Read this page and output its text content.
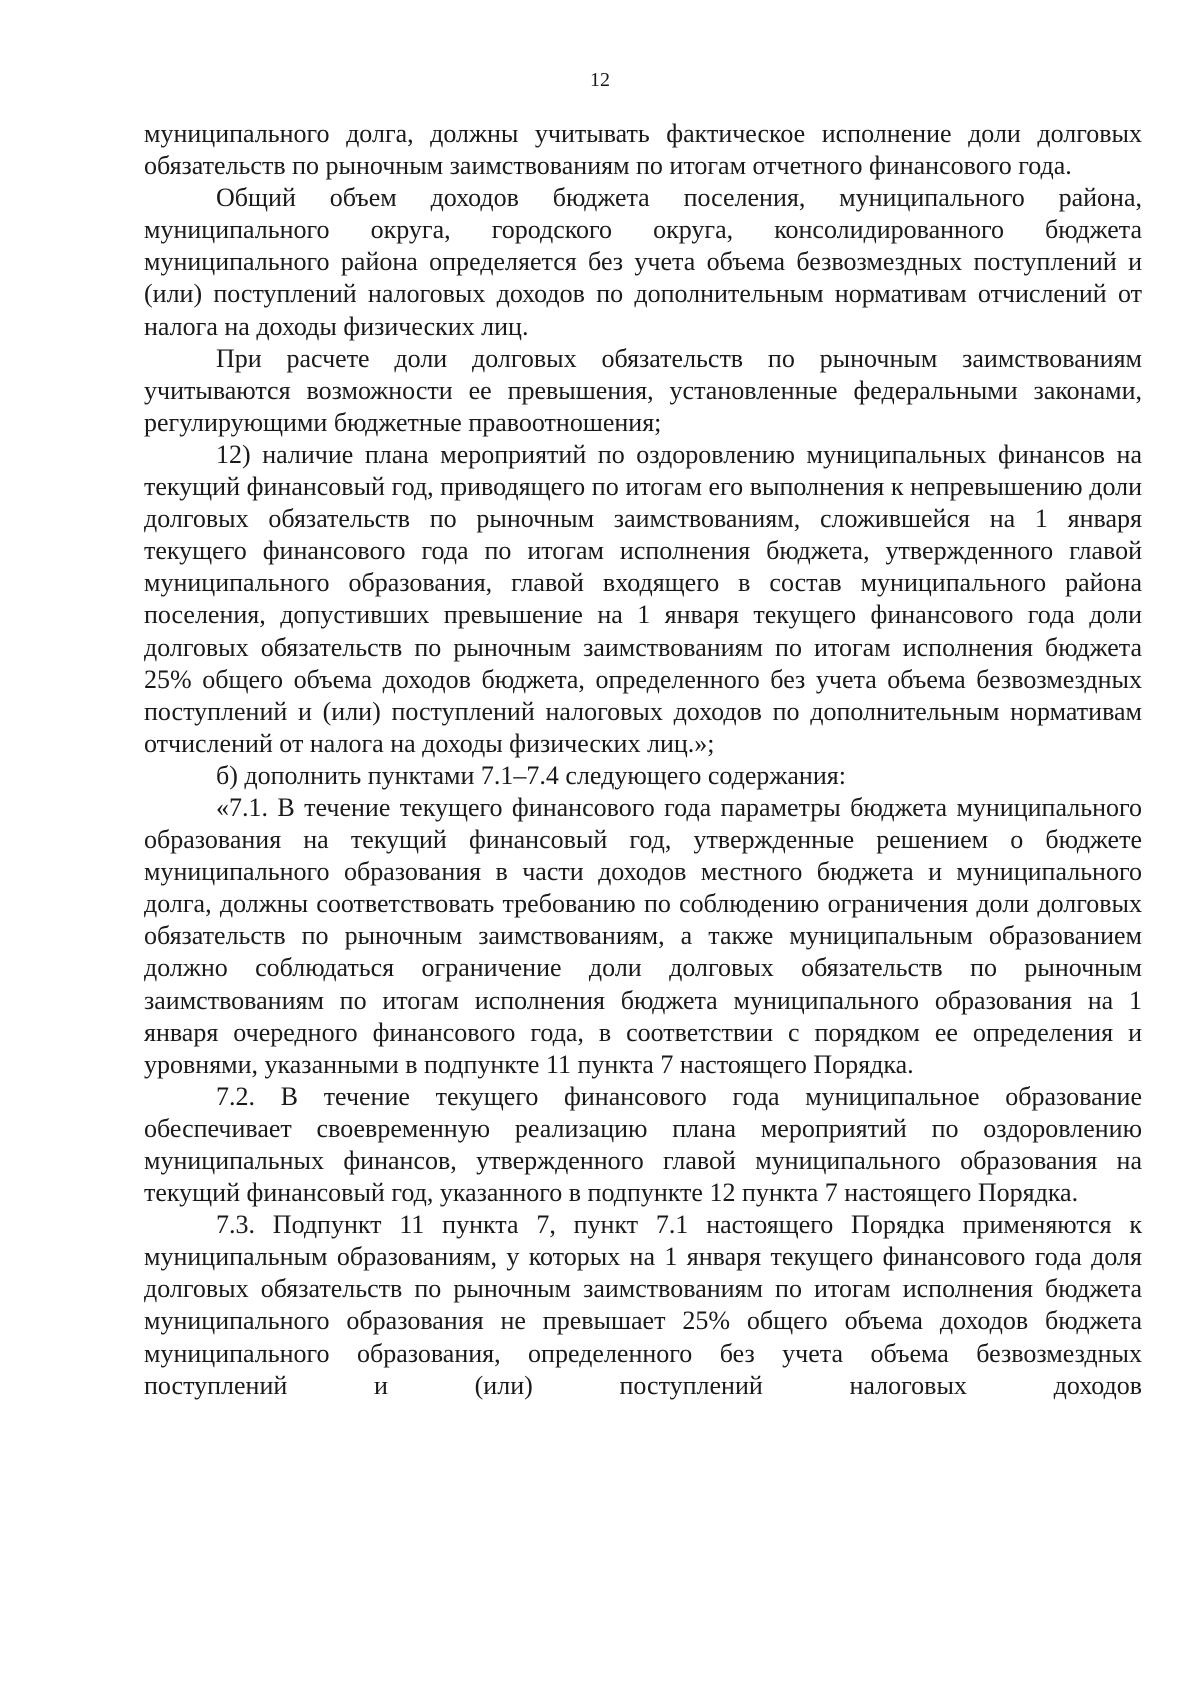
12

муниципального долга, должны учитывать фактическое исполнение доли долговых обязательств по рыночным заимствованиям по итогам отчетного финансового года.

Общий объем доходов бюджета поселения, муниципального района, муниципального округа, городского округа, консолидированного бюджета муниципального района определяется без учета объема безвозмездных поступлений и (или) поступлений налоговых доходов по дополнительным нормативам отчислений от налога на доходы физических лиц.

При расчете доли долговых обязательств по рыночным заимствованиям учитываются возможности ее превышения, установленные федеральными законами, регулирующими бюджетные правоотношения;

12) наличие плана мероприятий по оздоровлению муниципальных финансов на текущий финансовый год, приводящего по итогам его выполнения к непревышению доли долговых обязательств по рыночным заимствованиям, сложившейся на 1 января текущего финансового года по итогам исполнения бюджета, утвержденного главой муниципального образования, главой входящего в состав муниципального района поселения, допустивших превышение на 1 января текущего финансового года доли долговых обязательств по рыночным заимствованиям по итогам исполнения бюджета 25% общего объема доходов бюджета, определенного без учета объема безвозмездных поступлений и (или) поступлений налоговых доходов по дополнительным нормативам отчислений от налога на доходы физических лиц.»;

б) дополнить пунктами 7.1–7.4 следующего содержания:

«7.1. В течение текущего финансового года параметры бюджета муниципального образования на текущий финансовый год, утвержденные решением о бюджете муниципального образования в части доходов местного бюджета и муниципального долга, должны соответствовать требованию по соблюдению ограничения доли долговых обязательств по рыночным заимствованиям, а также муниципальным образованием должно соблюдаться ограничение доли долговых обязательств по рыночным заимствованиям по итогам исполнения бюджета муниципального образования на 1 января очередного финансового года, в соответствии с порядком ее определения и уровнями, указанными в подпункте 11 пункта 7 настоящего Порядка.

7.2. В течение текущего финансового года муниципальное образование обеспечивает своевременную реализацию плана мероприятий по оздоровлению муниципальных финансов, утвержденного главой муниципального образования на текущий финансовый год, указанного в подпункте 12 пункта 7 настоящего Порядка.

7.3. Подпункт 11 пункта 7, пункт 7.1 настоящего Порядка применяются к муниципальным образованиям, у которых на 1 января текущего финансового года доля долговых обязательств по рыночным заимствованиям по итогам исполнения бюджета муниципального образования не превышает 25% общего объема доходов бюджета муниципального образования, определенного без учета объема безвозмездных поступлений и (или) поступлений налоговых доходов
